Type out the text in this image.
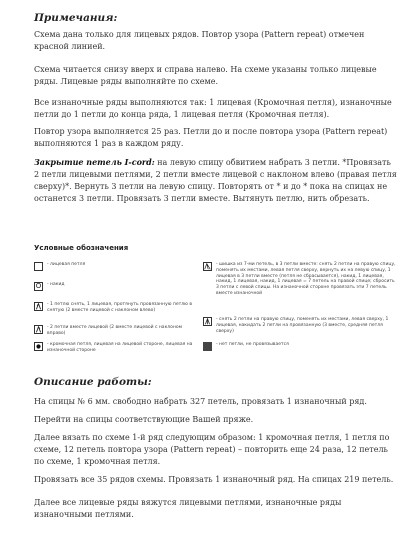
Примечания:
Схема дана только для лицевых рядов. Повтор узора (Pattern repeat) отмечен красной линией.
Схема читается снизу вверх и справа налево. На схеме указаны только лицевые ряды. Лицевые ряды выполняйте по схеме.
Все изнаночные ряды выполняются так: 1 лицевая (Кромочная петля), изнаночные петли до 1 петли до конца ряда, 1 лицевая петля (Кромочная петля).
Повтор узора выполняется 25 раз. Петли до и после повтора узора (Pattern repeat) выполняются 1 раз в каждом ряду.
Закрытие петель I-cord: на левую спицу обвитием набрать 3 петли. *Провязать 2 петли лицевыми петлями, 2 петли вместе лицевой с наклоном влево (правая петля сверху)*. Вернуть 3 петли на левую спицу. Повторять от * и до * пока на спицах не останется 3 петли. Провязать 3 петли вместе. Вытянуть петлю, нить обрезать.
Условные обозначения
- лицевая петля
O	- накид
- 1 петлю снять, 1 лицевая, протянуть провязанную петлю в снятую (2 вместе лицевой с наклоном влево)
- 2 петли вместе лицевой (2 вместе лицевой с наклоном вправо)
- кромочная петля, лицевая на лицевой стороне, лицевая на изнаночной стороне
- шишка из 7-ми петель, в 3 петли вместе: снять 2 петли на правую спицу, поменять их местами, левая петля сверху, вернуть их на левую спицу, 1 лицевая в 3 петли вместе (петля не сбрасывается), накид, 1 лицевая, накид, 1 лицевая, накид, 1 лицевая = 7 петель на правой спице; сбросить 3 петли с левой спицы. На изнаночной стороне провязать эти 7 петель вместе изнаночной
- снять 2 петли на правую спицу, поменять их местами, левая сверху, 1 лицевая, накидать 2 петли на провязанную (3 вместе, средняя петля сверху)
- нет петли, не провязывается
Описание работы:
На спицы № 6 мм. свободно набрать 327 петель, провязать 1 изнаночный ряд.
Перейти на спицы соответствующие Вашей пряже.
Далее вязать по схеме 1-й ряд следующим образом: 1 кромочная петля, 1 петля по схеме, 12 петель повтора узора (Pattern repeat) – повторить еще 24 раза, 12 петель по схеме, 1 кромочная петля.
Провязать все 35 рядов схемы. Провязать 1 изнаночный ряд. На спицах 219 петель.
Далее все лицевые ряды вяжутся лицевыми петлями, изнаночные ряды изнаночными петлями.
